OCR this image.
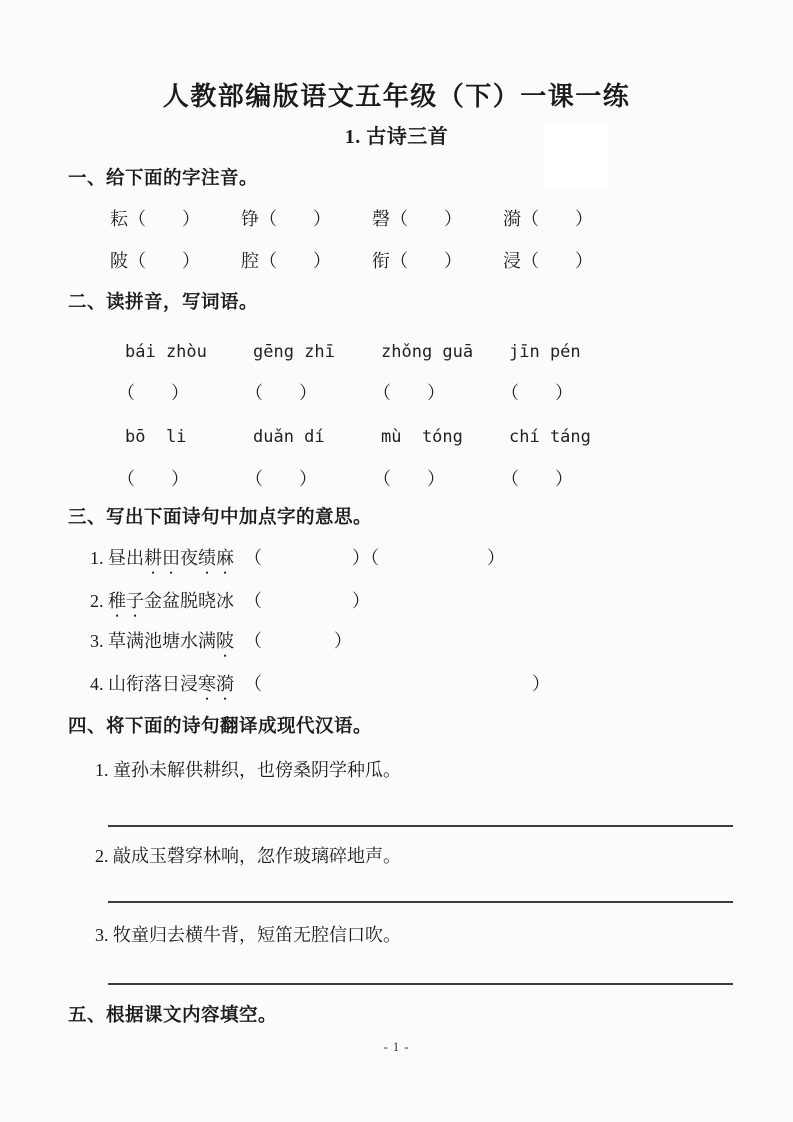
人教部编版语文五年级（下）一课一练
1. 古诗三首
一、给下面的字注音。
耘（　　）	铮（　　）	磬（　　）	漪（　　）
陂（　　）	腔（　　）	衔（　　）	浸（　　）
二、读拼音，写词语。
bái zhòu	gēng zhī	zhǒng guā	jīn pén
（　　）	（　　）	（　　）	（　　）
bō  li	duǎn dí	mù  tóng	chí táng
（　　）	（　　）	（　　）	（　　）
三、写出下面诗句中加点字的意思。
1. 昼出耕田夜绩麻 （　　　　　）（　　　　　　）
2. 稚子金盆脱晓冰 （　　　　　）
3. 草满池塘水满陂 （　　　　）
4. 山衔落日浸寒漪 （　　　　　　　　　　　　　　　）
四、将下面的诗句翻译成现代汉语。
1. 童孙未解供耕织，也傍桑阴学种瓜。
2. 敲成玉磬穿林响，忽作玻璃碎地声。
3. 牧童归去横牛背，短笛无腔信口吹。
五、根据课文内容填空。
- 1 -
